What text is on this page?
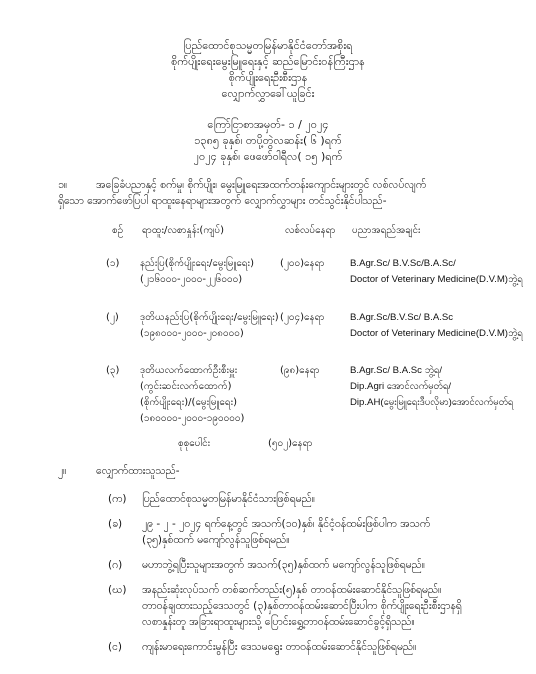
ပြည်ထောင်စုသမ္မတမြန်မာနိုင်ငံတော်အစိုးရ
စိုက်ပျိုးရေးမွေးမြူရေးနှင့် ဆည်မြောင်းဝန်ကြီးဌာန
စိုက်ပျိုးရေးဦးစီးဌာန
လျှောက်လွှာခေါ်ယူခြင်း
ကြော်ငြာစာအမှတ်- ၁ / ၂၀၂၄
၁၃၈၅ ခုနှစ်၊ တပို့တွဲလဆန်း( ၆ )ရက်
၂၀၂၄ ခုနှစ်၊ ဖေဖော်ဝါရီလ( ၁၅ )ရက်
၁။	အခြေခံပညာနှင့် စက်မှု၊ စိုက်ပျိုး၊ မွေးမြူရေးအထက်တန်းကျောင်းများတွင် လစ်လပ်လျက်
ရှိသော အောက်ဖော်ပြပါ ရာထူးနေရာများအတွက် လျှောက်လွှာများ တင်သွင်းနိုင်ပါသည်-
စဉ် ရာထူး/လစာနှုန်း(ကျပ်)	လစ်လပ်နေရာ ပညာအရည်အချင်း
(၁) နည်းပြ(စိုက်ပျိုးရေး/မွေးမြူရေး)
(၂၁၆၀၀၀-၂၀၀၀-၂၂၆၀၀၀)
(၂၀၀)နေရာ	B.Agr.Sc/ B.V.Sc/B.A.Sc/
Doctor of Veterinary Medicine(D.V.M)ဘွဲ့ရ
(၂) ဒုတိယနည်းပြ(စိုက်ပျိုးရေး/မွေးမြူရေး)
(၁၉၈၀၀၀-၂၀၀၀-၂၀၈၀၀၀)
(၂၀၄)နေရာ	B.Agr.Sc/B.V.Sc/ B.A.Sc
Doctor of Veterinary Medicine(D.V.M)ဘွဲ့ရ
(၃) ဒုတိယလက်ထောက်ဦးစီးမှူး
(ကွင်းဆင်းလက်ထောက်)
(စိုက်ပျိုးရေး)/(မွေးမြူရေး)
(၁၈၀၀၀၀-၂၀၀၀-၁၉၀၀၀၀)
(၉၈)နေရာ	B.Agr.Sc/ B.A.Sc ဘွဲ့ရ/
Dip.Agri အောင်လက်မှတ်ရ/
Dip.AH(မွေးမြူရေးဒီပလိုမာ)အောင်လက်မှတ်ရ
စုစုပေါင်း	(၅၀၂)နေရာ
၂။	လျှောက်ထားသူသည်-
(က) ပြည်ထောင်စုသမ္မတမြန်မာနိုင်ငံသားဖြစ်ရမည်။
(ခ) ၂၉ - ၂ - ၂၀၂၄ ရက်နေ့တွင် အသက်(၁၀)နှစ်၊ နိုင်ငံ့ဝန်ထမ်းဖြစ်ပါက အသက်
(၃၅)နှစ်ထက် မကျော်လွန်သူဖြစ်ရမည်။
(ဂ) မဟာဘွဲ့ရပြီးသူများအတွက် အသက်(၃၅)နှစ်ထက် မကျော်လွန်သူဖြစ်ရမည်။
(ဃ) အနည်းဆုံးလုပ်သက် တစ်ဆက်တည်း(၅)နှစ် တာဝန်ထမ်းဆောင်နိုင်သူဖြစ်ရမည်။
တာဝန်ချထားသည့်ဒေသတွင် (၃)နှစ်တာဝန်ထမ်းဆောင်ပြီးပါက စိုက်ပျိုးရေးဦးစီးဌာနရှိ
လစာနှုန်းတူ အခြားရာထူးများသို့ ပြောင်းရွှေ့တာဝန်ထမ်းဆောင်ခွင့်ရှိသည်။
(င) ကျန်းမာရေးကောင်းမွန်ပြီး ဒေသမရွေး တာဝန်ထမ်းဆောင်နိုင်သူဖြစ်ရမည်။
